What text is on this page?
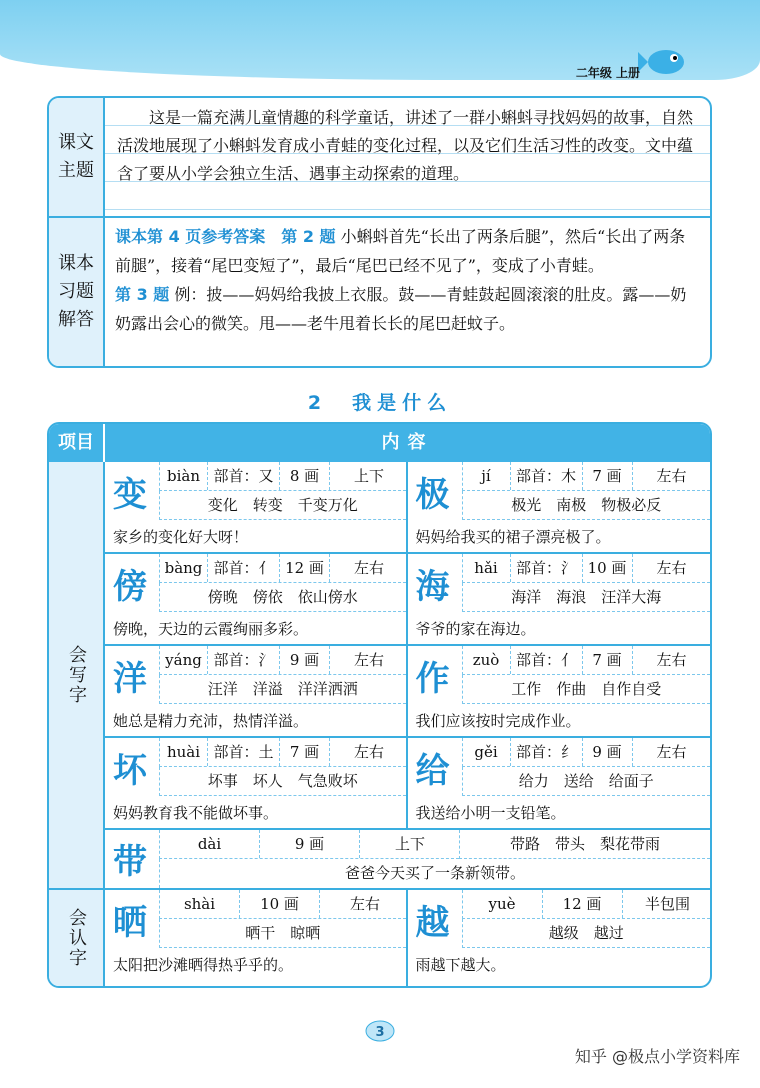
二年级 上册
课文主题
这是一篇充满儿童情趣的科学童话，讲述了一群小蝌蚪寻找妈妈的故事，自然活泼地展现了小蝌蚪发育成小青蛙的变化过程，以及它们生活习性的改变。文中蕴含了要从小学会独立生活、遇事主动探索的道理。
课本习题解答
课本第 4 页参考答案　第 2 题 小蝌蚪首先“长出了两条后腿”，然后“长出了两条前腿”，接着“尾巴变短了”，最后“尾巴已经不见了”，变成了小青蛙。
第 3 题 例：披——妈妈给我披上衣服。鼓——青蛙鼓起圆滚滚的肚皮。露——奶奶露出会心的微笑。甩——老牛甩着长长的尾巴赶蚊子。
2　我是什么
项目	内容
会写字
会认字
变	biàn 部首：又	8 画	上下
变化　转变　千变万化
家乡的变化好大呀！
极	jí	部首：木	7 画	左右
极光　南极　物极必反
妈妈给我买的裙子漂亮极了。
傍	bàng 部首：亻 12 画	左右
傍晚　傍依　依山傍水
傍晚，天边的云霞绚丽多彩。
海	hǎi	部首：氵 10 画	左右
海洋　海浪　汪洋大海
爷爷的家在海边。
洋	yáng 部首：氵	9 画	左右
汪洋　洋溢　洋洋洒洒
她总是精力充沛，热情洋溢。
作	zuò	部首：亻	7 画	左右
工作　作曲　自作自受
我们应该按时完成作业。
坏	huài 部首：土	7 画	左右
坏事　坏人　气急败坏
妈妈教育我不能做坏事。
给	gěi	部首：纟	9 画	左右
给力　送给　给面子
我送给小明一支铅笔。
带	dài	9 画	上下	带路　带头　梨花带雨
爸爸今天买了一条新领带。
晒	shài	10 画	左右
晒干　晾晒
太阳把沙滩晒得热乎乎的。
越	yuè	12 画	半包围
越级　越过
雨越下越大。
3
知乎 @极点小学资料库
